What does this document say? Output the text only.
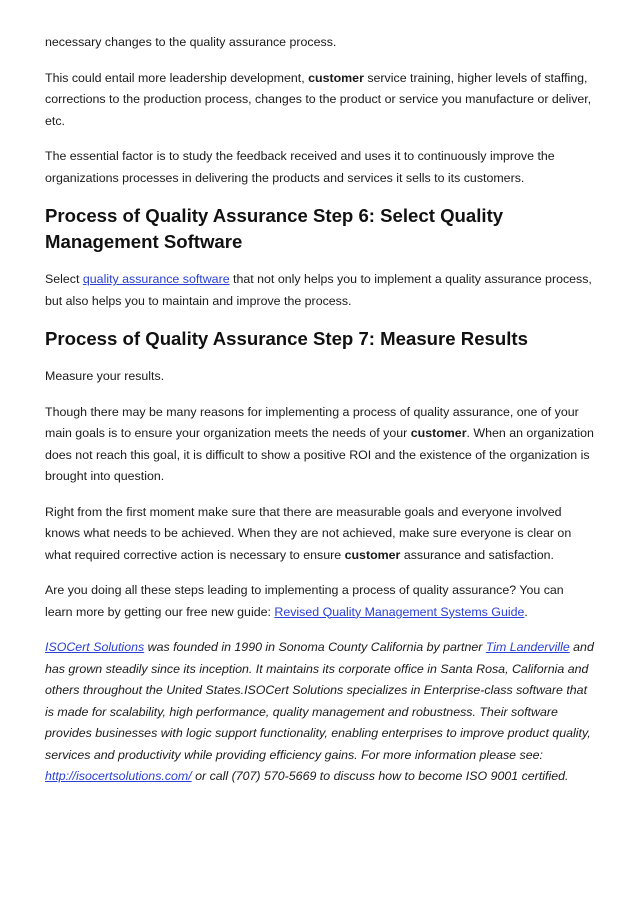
necessary changes to the quality assurance process.

This could entail more leadership development, customer service training, higher levels of staffing, corrections to the production process, changes to the product or service you manufacture or deliver, etc.

The essential factor is to study the feedback received and uses it to continuously improve the organizations processes in delivering the products and services it sells to its customers.

Process of Quality Assurance Step 6: Select Quality Management Software

Select quality assurance software that not only helps you to implement a quality assurance process, but also helps you to maintain and improve the process.

Process of Quality Assurance Step 7: Measure Results

Measure your results.

Though there may be many reasons for implementing a process of quality assurance, one of your main goals is to ensure your organization meets the needs of your customer. When an organization does not reach this goal, it is difficult to show a positive ROI and the existence of the organization is brought into question.

Right from the first moment make sure that there are measurable goals and everyone involved knows what needs to be achieved. When they are not achieved, make sure everyone is clear on what required corrective action is necessary to ensure customer assurance and satisfaction.

Are you doing all these steps leading to implementing a process of quality assurance? You can learn more by getting our free new guide: Revised Quality Management Systems Guide.

ISOCert Solutions was founded in 1990 in Sonoma County California by partner Tim Landerville and has grown steadily since its inception. It maintains its corporate office in Santa Rosa, California and others throughout the United States.ISOCert Solutions specializes in Enterprise-class software that is made for scalability, high performance, quality management and robustness. Their software provides businesses with logic support functionality, enabling enterprises to improve product quality, services and productivity while providing efficiency gains. For more information please see: http://isocertsolutions.com/ or call (707) 570-5669 to discuss how to become ISO 9001 certified.
